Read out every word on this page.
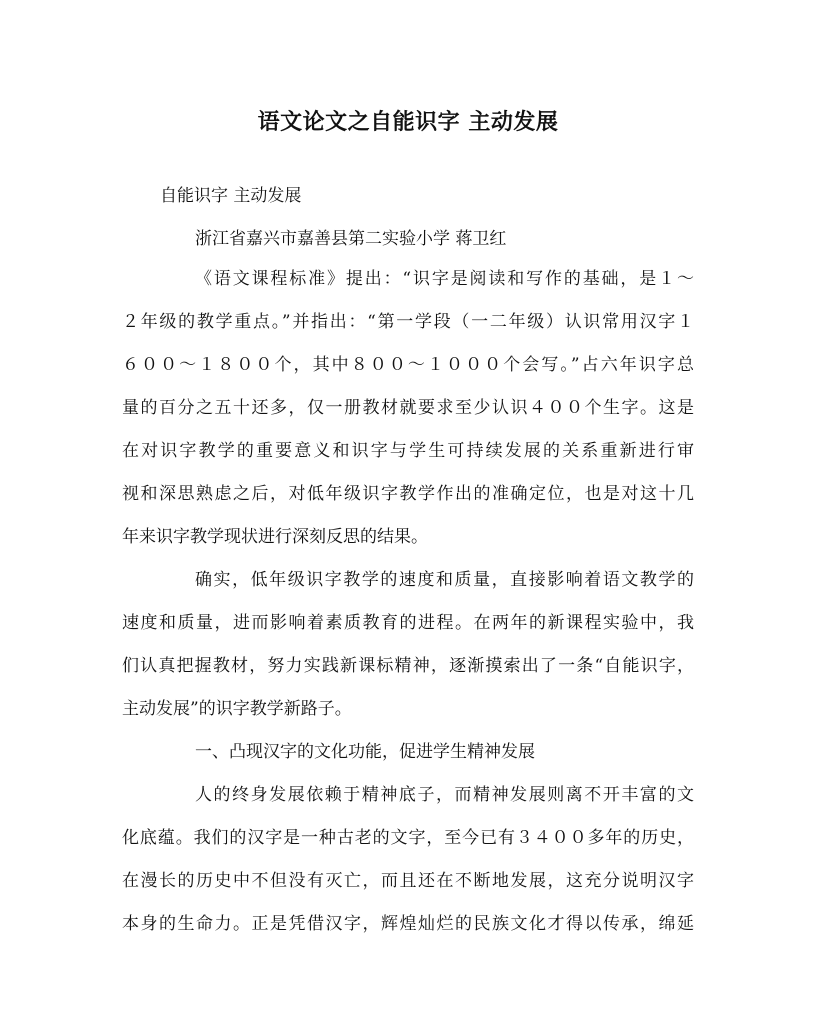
语文论文之自能识字 主动发展
自能识字 主动发展
浙江省嘉兴市嘉善县第二实验小学 蒋卫红
《语文课程标准》提出：“识字是阅读和写作的基础，是１～
２年级的教学重点。”并指出：“第一学段（一二年级）认识常用汉字１
６００～１８００个，其中８００～１０００个会写。”占六年识字总
量的百分之五十还多，仅一册教材就要求至少认识４００个生字。这是
在对识字教学的重要意义和识字与学生可持续发展的关系重新进行审
视和深思熟虑之后，对低年级识字教学作出的准确定位，也是对这十几
年来识字教学现状进行深刻反思的结果。
确实，低年级识字教学的速度和质量，直接影响着语文教学的
速度和质量，进而影响着素质教育的进程。在两年的新课程实验中，我
们认真把握教材，努力实践新课标精神，逐渐摸索出了一条“自能识字，
主动发展”的识字教学新路子。
一、凸现汉字的文化功能，促进学生精神发展
人的终身发展依赖于精神底子，而精神发展则离不开丰富的文
化底蕴。我们的汉字是一种古老的文字，至今已有３４００多年的历史，
在漫长的历史中不但没有灭亡，而且还在不断地发展，这充分说明汉字
本身的生命力。正是凭借汉字，辉煌灿烂的民族文化才得以传承，绵延
